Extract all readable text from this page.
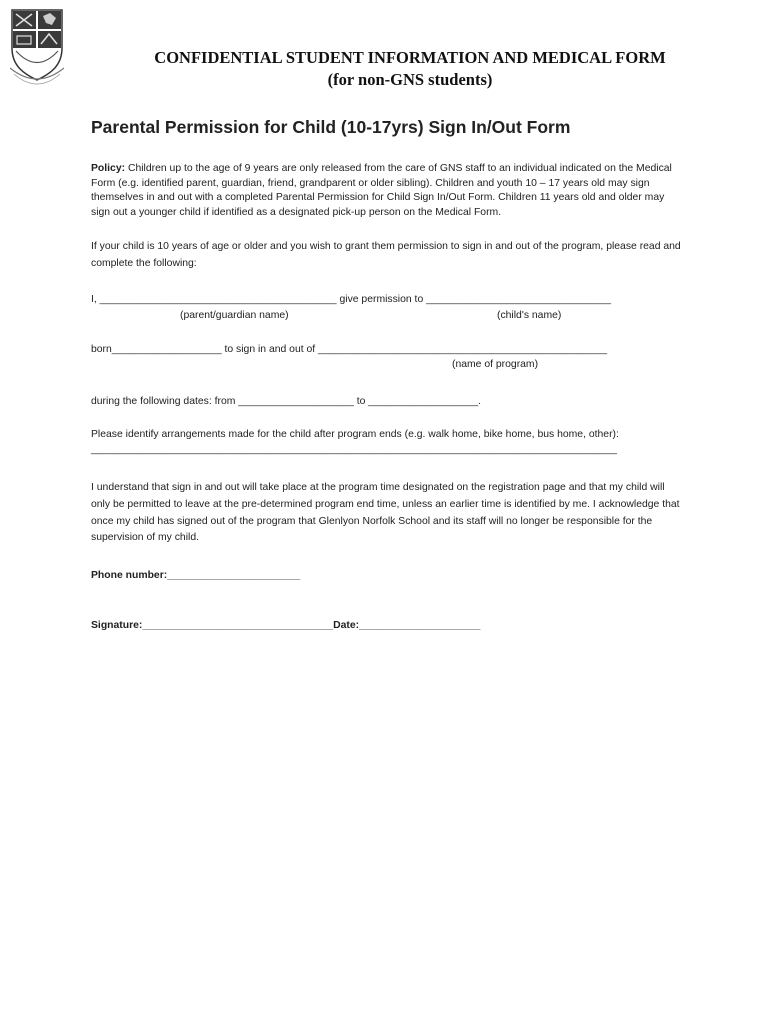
CONFIDENTIAL STUDENT INFORMATION AND MEDICAL FORM
(for non-GNS students)
Parental Permission for Child (10-17yrs) Sign In/Out Form
Policy: Children up to the age of 9 years are only released from the care of GNS staff to an individual indicated on the Medical
Form (e.g. identified parent, guardian, friend, grandparent or older sibling). Children and youth 10 – 17 years old may sign
themselves in and out with a completed Parental Permission for Child Sign In/Out Form. Children 11 years old and older may
sign out a younger child if identified as a designated pick-up person on the Medical Form.
If your child is 10 years of age or older and you wish to grant them permission to sign in and out of the program, please read and
complete the following:
I, _________________________________________ give permission to ________________________________
(parent/guardian name)	(child's name)
born___________________ to sign in and out of __________________________________________________
(name of program)
during the following dates: from ____________________ to ___________________.
Please identify arrangements made for the child after program ends (e.g. walk home, bike home, bus home, other):
___________________________________________________________________________________________
I understand that sign in and out will take place at the program time designated on the registration page and that my child will
only be permitted to leave at the pre-determined program end time, unless an earlier time is identified by me. I acknowledge that
once my child has signed out of the program that Glenlyon Norfolk School and its staff will no longer be responsible for the
supervision of my child.
Phone number:_______________________
Signature:_________________________________Date:_____________________
